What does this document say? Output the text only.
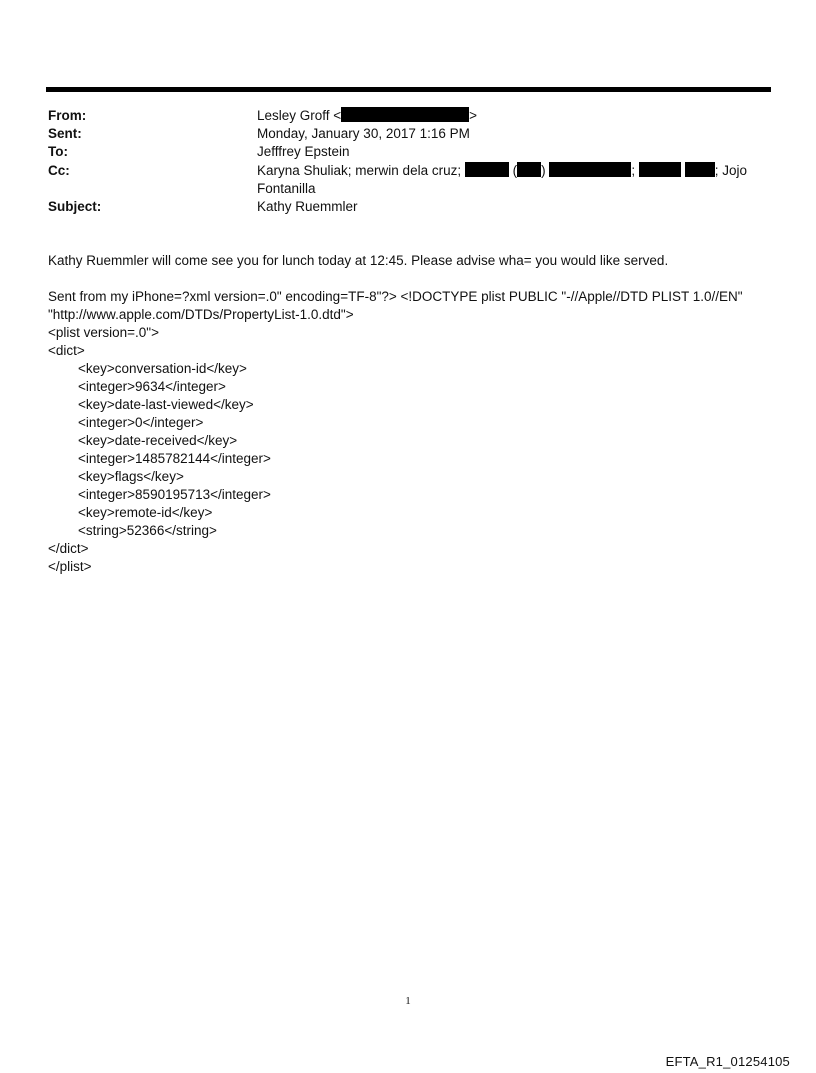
From:	Lesley Groff <	>
Sent:	Monday, January 30, 2017 1:16 PM
To:	Jefffrey Epstein
Cc:	Karyna Shuliak; merwin dela cruz;	( )	;	; Jojo
Fontanilla
Subject:	Kathy Ruemmler
Kathy Ruemmler will come see you for lunch today at 12:45. Please advise wha= you would like served.
Sent from my iPhone=?xml version=.0" encoding=TF-8"?> <!DOCTYPE plist PUBLIC "-//Apple//DTD PLIST 1.0//EN"
"http://www.apple.com/DTDs/PropertyList-1.0.dtd">
<plist version=.0">
<dict>
<key>conversation-id</key>
<integer>9634</integer>
<key>date-last-viewed</key>
<integer>0</integer>
<key>date-received</key>
<integer>1485782144</integer>
<key>flags</key>
<integer>8590195713</integer>
<key>remote-id</key>
<string>52366</string>
</dict>
</plist>
1
EFTA_R1_01254105
